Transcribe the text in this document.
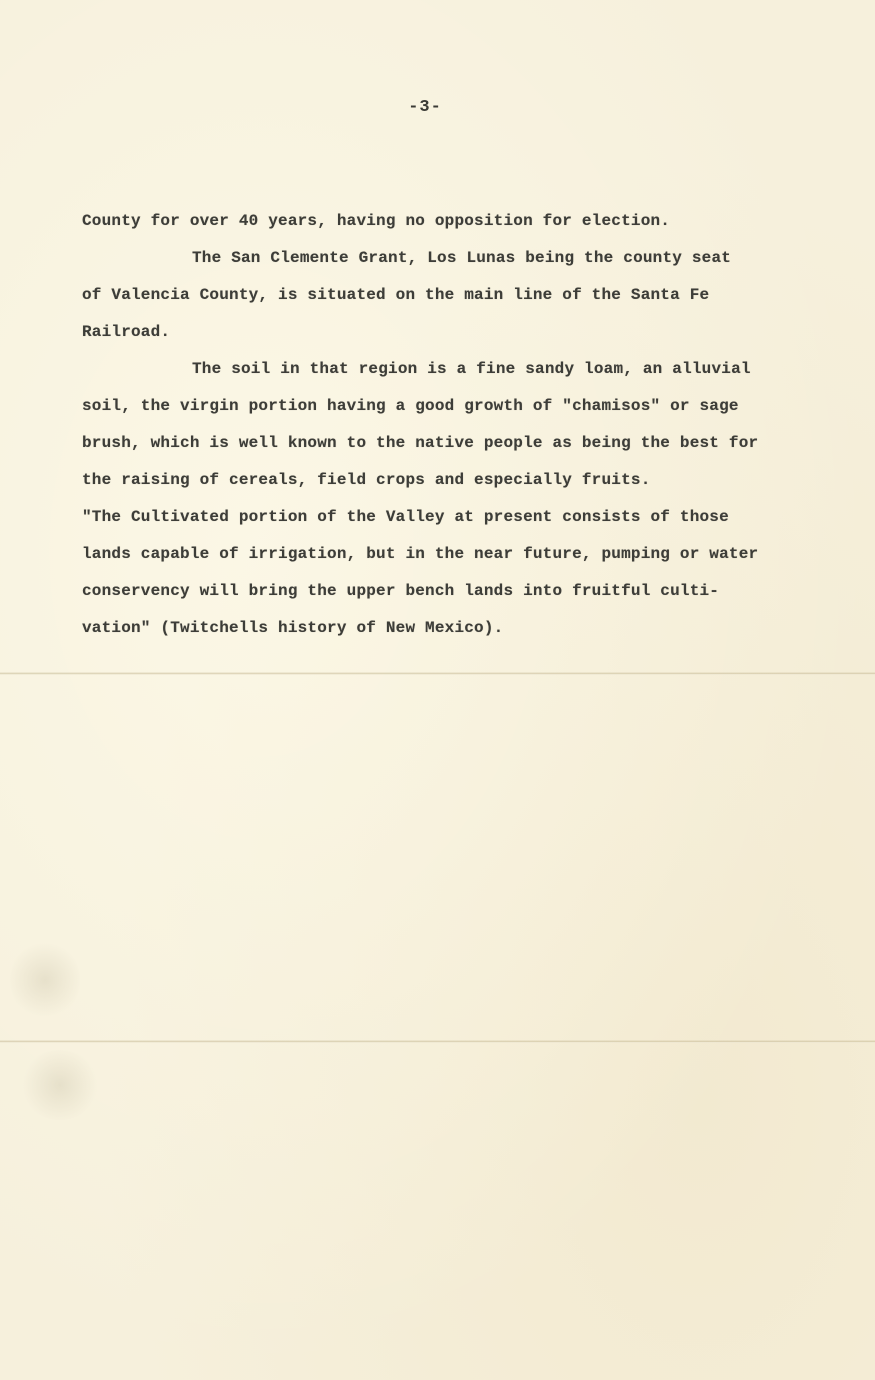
-3-
County for over 40 years, having no opposition for election.
The San Clemente Grant, Los Lunas being the county seat
of Valencia County, is situated on the main line of the Santa Fe
Railroad.
The soil in that region is a fine sandy loam, an alluvial
soil, the virgin portion having a good growth of "chamisos" or sage
brush, which is well known to the native people as being the best for
the raising of cereals, field crops and especially fruits.
"The Cultivated portion of the Valley at present consists of those
lands capable of irrigation, but in the near future, pumping or water
conservency will bring the upper bench lands into fruitful culti-
vation" (Twitchells history of New Mexico).
